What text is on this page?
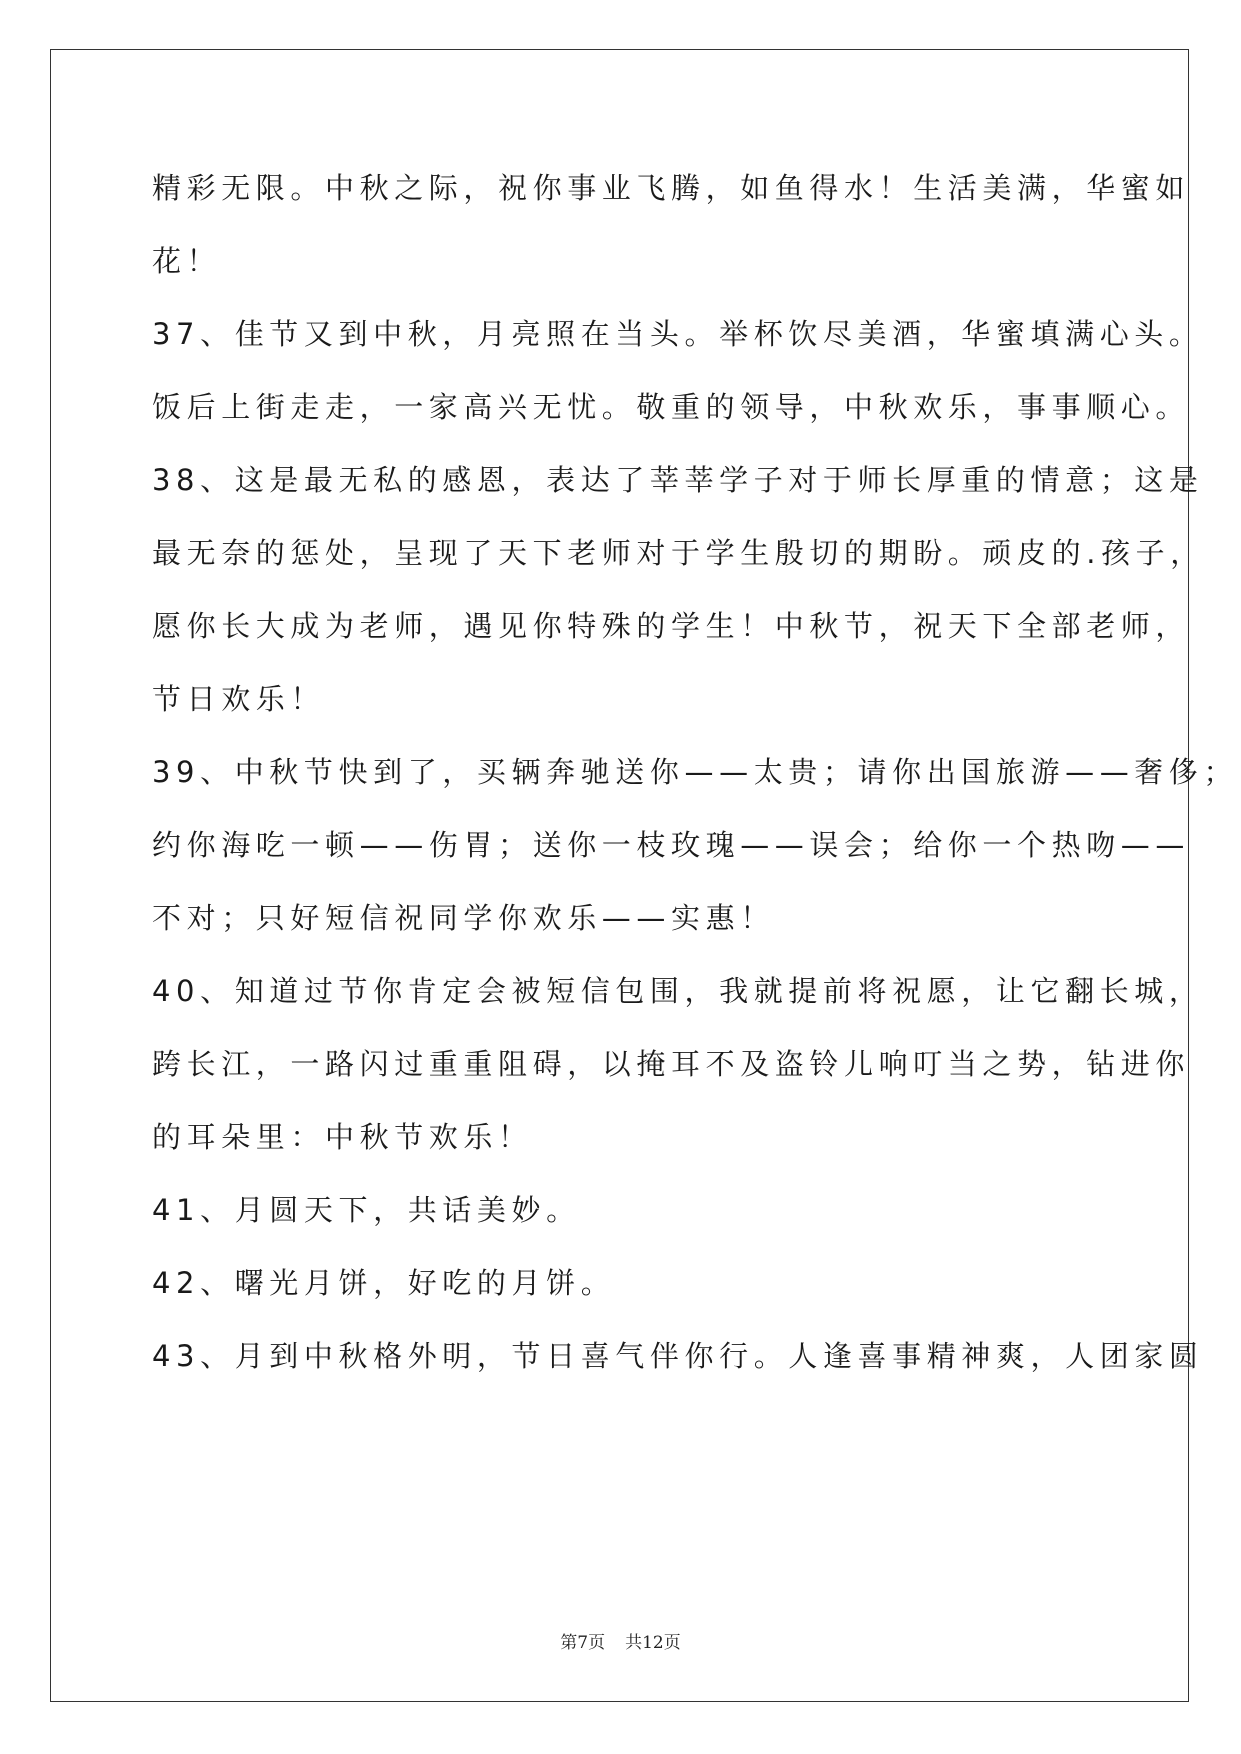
精彩无限。中秋之际，祝你事业飞腾，如鱼得水！生活美满，华蜜如
花！
37、佳节又到中秋，月亮照在当头。举杯饮尽美酒，华蜜填满心头。
饭后上街走走，一家高兴无忧。敬重的领导，中秋欢乐，事事顺心。
38、这是最无私的感恩，表达了莘莘学子对于师长厚重的情意；这是
最无奈的惩处，呈现了天下老师对于学生殷切的期盼。顽皮的.孩子，
愿你长大成为老师，遇见你特殊的学生！中秋节，祝天下全部老师，
节日欢乐！
39、中秋节快到了，买辆奔驰送你——太贵；请你出国旅游——奢侈；
约你海吃一顿——伤胃；送你一枝玫瑰——误会；给你一个热吻——
不对；只好短信祝同学你欢乐——实惠！
40、知道过节你肯定会被短信包围，我就提前将祝愿，让它翻长城，
跨长江，一路闪过重重阻碍，以掩耳不及盗铃儿响叮当之势，钻进你
的耳朵里：中秋节欢乐！
41、月圆天下，共话美妙。
42、曙光月饼，好吃的月饼。
43、月到中秋格外明，节日喜气伴你行。人逢喜事精神爽，人团家圆
第7页 共12页
